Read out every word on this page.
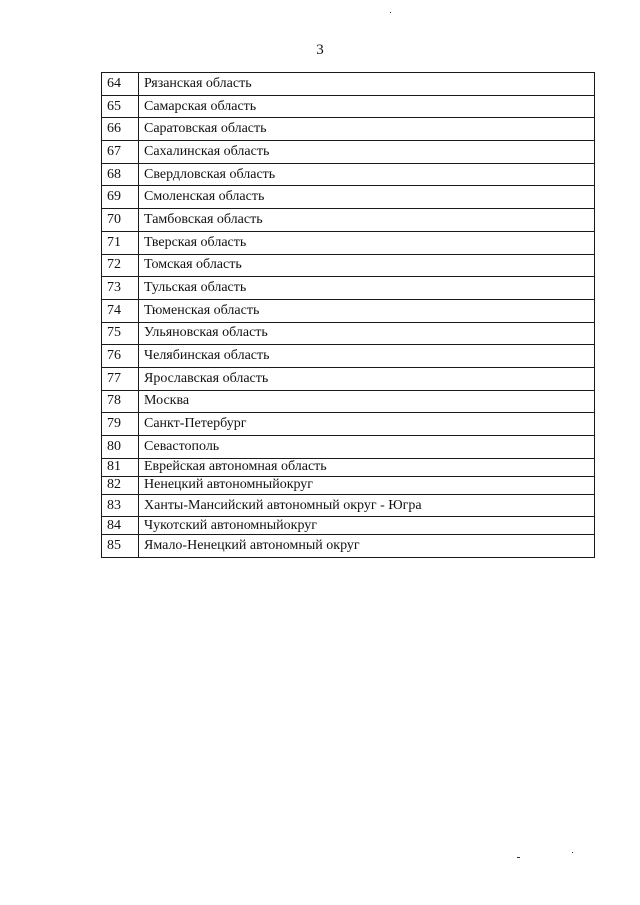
3
64	Рязанская область
65	Самарская область
66	Саратовская область
67	Сахалинская область
68	Свердловская область
69	Смоленская область
70	Тамбовская область
71	Тверская область
72	Томская область
73	Тульская область
74	Тюменская область
75	Ульяновская область
76	Челябинская область
77	Ярославская область
78	Москва
79	Санкт-Петербург
80	Севастополь
81	Еврейская автономная область
82	Ненецкий автономныйокруг
83	Ханты-Мансийский автономный округ - Югра
84	Чукотский автономныйокруг
85	Ямало-Ненецкий автономный округ
